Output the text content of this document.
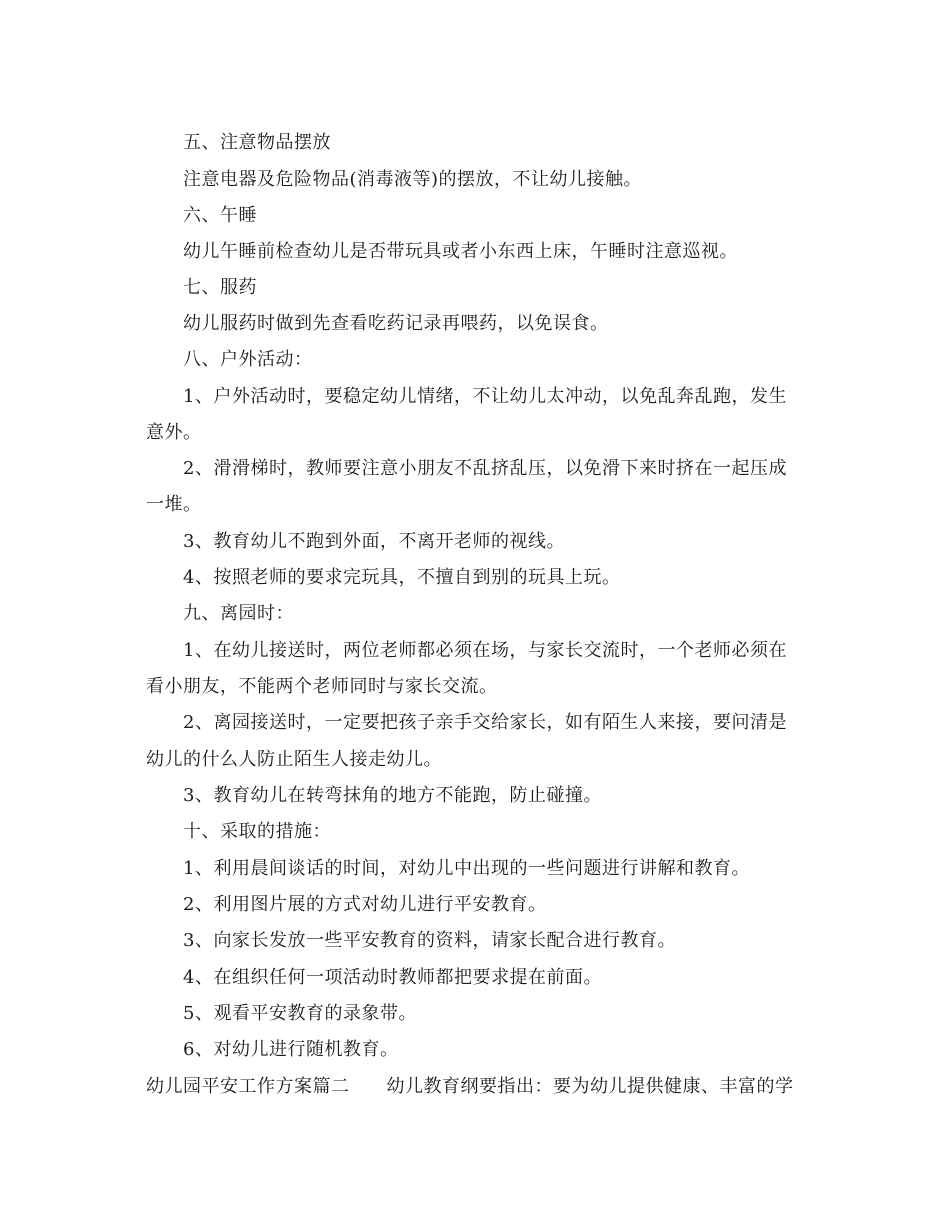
五、注意物品摆放
注意电器及危险物品(消毒液等)的摆放，不让幼儿接触。
六、午睡
幼儿午睡前检查幼儿是否带玩具或者小东西上床，午睡时注意巡视。
七、服药
幼儿服药时做到先查看吃药记录再喂药，以免误食。
八、户外活动：
1、户外活动时，要稳定幼儿情绪，不让幼儿太冲动，以免乱奔乱跑，发生
意外。
2、滑滑梯时，教师要注意小朋友不乱挤乱压，以免滑下来时挤在一起压成
一堆。
3、教育幼儿不跑到外面，不离开老师的视线。
4、按照老师的要求完玩具，不擅自到别的玩具上玩。
九、离园时：
1、在幼儿接送时，两位老师都必须在场，与家长交流时，一个老师必须在
看小朋友，不能两个老师同时与家长交流。
2、离园接送时，一定要把孩子亲手交给家长，如有陌生人来接，要问清是
幼儿的什么人防止陌生人接走幼儿。
3、教育幼儿在转弯抹角的地方不能跑，防止碰撞。
十、采取的措施：
1、利用晨间谈话的时间，对幼儿中出现的一些问题进行讲解和教育。
2、利用图片展的方式对幼儿进行平安教育。
3、向家长发放一些平安教育的资料，请家长配合进行教育。
4、在组织任何一项活动时教师都把要求提在前面。
5、观看平安教育的录象带。
6、对幼儿进行随机教育。
幼儿园平安工作方案篇二　　幼儿教育纲要指出：要为幼儿提供健康、丰富的学
